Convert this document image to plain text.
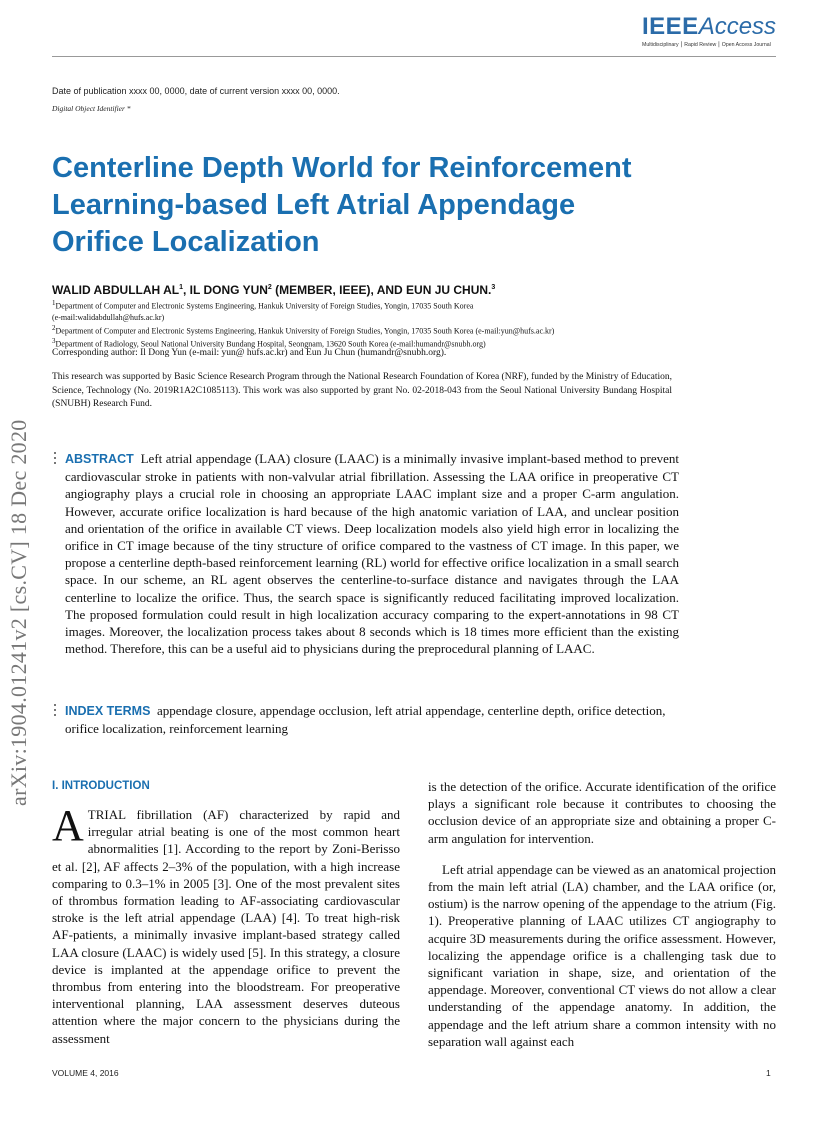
IEEEAccess
Multidisciplinary ⎮ Rapid Review ⎮ Open Access Journal
Date of publication xxxx 00, 0000, date of current version xxxx 00, 0000.
Digital Object Identifier *
arXiv:1904.01241v2 [cs.CV] 18 Dec 2020
Centerline Depth World for Reinforcement Learning-based Left Atrial Appendage Orifice Localization
WALID ABDULLAH $AL^1$, IL DONG YUN$^2$ (MEMBER, IEEE), AND EUN JU CHUN.$^3$

$^1$Department of Computer and Electronic Systems Engineering, Hankuk University of Foreign Studies, Yongin, 17035 South Korea

(e-mail:walidabdullah@hufs.ac.kr)

$^2$Department of Computer and Electronic Systems Engineering, Hankuk University of Foreign Studies, Yongin, 17035 South Korea (e-mail:yun@hufs.ac.kr)

$^3$Department of Radiology, Seoul National University Bundang Hospital, Seongnam, 13620 South Korea (e-mail:humandr@snubh.org)

Corresponding author: Il Dong Yun (e-mail: yun@ hufs.ac.kr) and Eun Ju Chun (humandr@snubh.org).
This research was supported by Basic Science Research Program through the National Research Foundation of Korea (NRF), funded by the Ministry of Education, Science, Technology (No. 2019R1A2C1085113). This work was also supported by grant No. 02-2018-043 from the Seoul National University Bundang Hospital (SNUBH) Research Fund.

ABSTRACT Left atrial appendage (LAA) closure (LAAC) is a minimally invasive implant-based method to prevent cardiovascular stroke in patients with non-valvular atrial fibrillation. Assessing the LAA orifice in preoperative CT angiography plays a crucial role in choosing an appropriate LAAC implant size and a proper C-arm angulation. However, accurate orifice localization is hard because of the high anatomic variation of LAA, and unclear position and orientation of the orifice in available CT views. Deep localization models also yield high error in localizing the orifice in CT image because of the tiny structure of orifice compared to the vastness of CT image. In this paper, we propose a centerline depth-based reinforcement learning (RL) world for effective orifice localization in a small search space. In our scheme, an RL agent observes the centerline-to-surface distance and navigates through the LAA centerline to localize the orifice. Thus, the search space is significantly reduced facilitating improved localization. The proposed formulation could result in high localization accuracy comparing to the expert-annotations in 98 CT images. Moreover, the localization process takes about 8 seconds which is 18 times more efficient than the existing method. Therefore, this can be a useful aid to physicians during the preprocedural planning of LAAC.

INDEX TERMS appendage closure, appendage occlusion, left atrial appendage, centerline depth, orifice detection, orifice localization, reinforcement learning

I. INTRODUCTION

ATRIAL fibrillation (AF) characterized by rapid and irregular atrial beating is one of the most common heart abnormalities [1]. According to the report by Zoni-Berisso et al. [2], AF affects 2–3% of the population, with a high increase comparing to 0.3–1% in 2005 [3]. One of the most prevalent sites of thrombus formation leading to AF-associating cardiovascular stroke is the left atrial appendage (LAA) [4]. To treat high-risk AF-patients, a minimally invasive implant-based strategy called LAA closure (LAAC) is widely used [5]. In this strategy, a closure device is implanted at the appendage orifice to prevent the thrombus from entering into the bloodstream. For preoperative interventional planning, LAA assessment deserves duteous attention where the major concern to the physicians during the assessment

is the detection of the orifice. Accurate identification of the orifice plays a significant role because it contributes to choosing the occlusion device of an appropriate size and obtaining a proper C-arm angulation for intervention.

Left atrial appendage can be viewed as an anatomical projection from the main left atrial (LA) chamber, and the LAA orifice (or, ostium) is the narrow opening of the appendage to the atrium (Fig. 1). Preoperative planning of LAAC utilizes CT angiography to acquire 3D measurements during the orifice assessment. However, localizing the appendage orifice is a challenging task due to significant variation in shape, size, and orientation of the appendage. Moreover, conventional CT views do not allow a clear understanding of the appendage anatomy. In addition, the appendage and the left atrium share a common intensity with no separation wall against each

VOLUME 4, 2016	1
